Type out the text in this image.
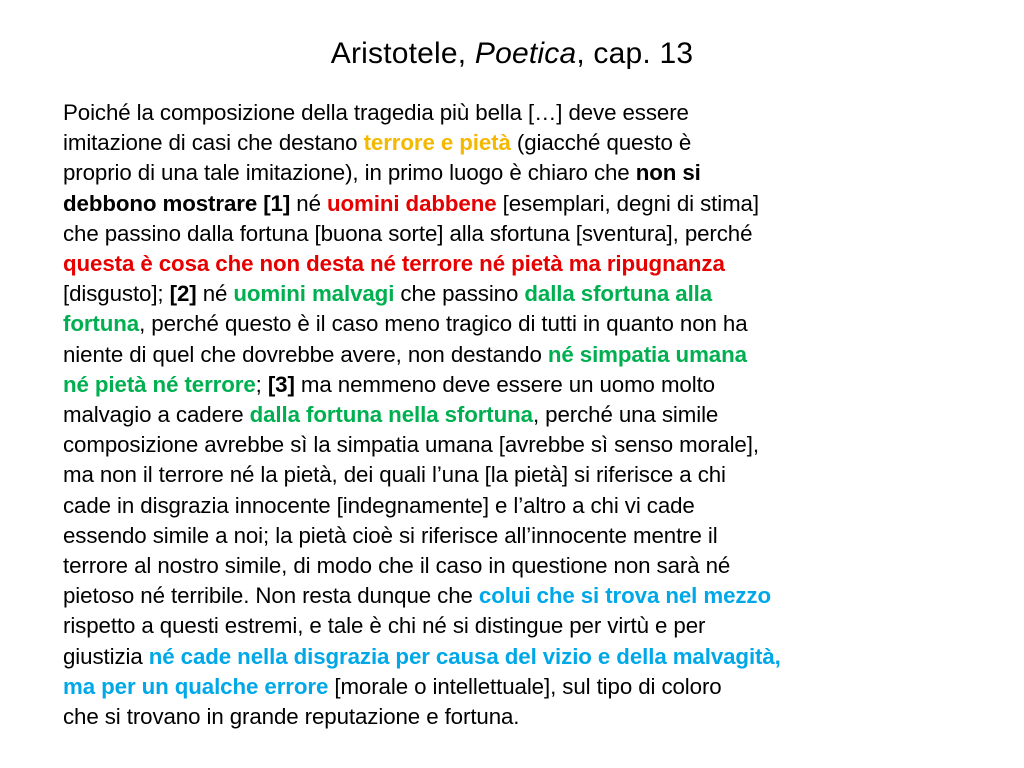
Aristotele, Poetica, cap. 13
Poiché la composizione della tragedia più bella […] deve essere
imitazione di casi che destano terrore e pietà (giacché questo è
proprio di una tale imitazione), in primo luogo è chiaro che non si
debbono mostrare [1] né uomini dabbene [esemplari, degni di stima]
che passino dalla fortuna [buona sorte] alla sfortuna [sventura], perché
questa è cosa che non desta né terrore né pietà ma ripugnanza
[disgusto]; [2] né uomini malvagi che passino dalla sfortuna alla
fortuna, perché questo è il caso meno tragico di tutti in quanto non ha
niente di quel che dovrebbe avere, non destando né simpatia umana
né pietà né terrore; [3] ma nemmeno deve essere un uomo molto
malvagio a cadere dalla fortuna nella sfortuna, perché una simile
composizione avrebbe sì la simpatia umana [avrebbe sì senso morale],
ma non il terrore né la pietà, dei quali l’una [la pietà] si riferisce a chi
cade in disgrazia innocente [indegnamente] e l’altro a chi vi cade
essendo simile a noi; la pietà cioè si riferisce all’innocente mentre il
terrore al nostro simile, di modo che il caso in questione non sarà né
pietoso né terribile. Non resta dunque che colui che si trova nel mezzo
rispetto a questi estremi, e tale è chi né si distingue per virtù e per
giustizia né cade nella disgrazia per causa del vizio e della malvagità,
ma per un qualche errore [morale o intellettuale], sul tipo di coloro
che si trovano in grande reputazione e fortuna.
